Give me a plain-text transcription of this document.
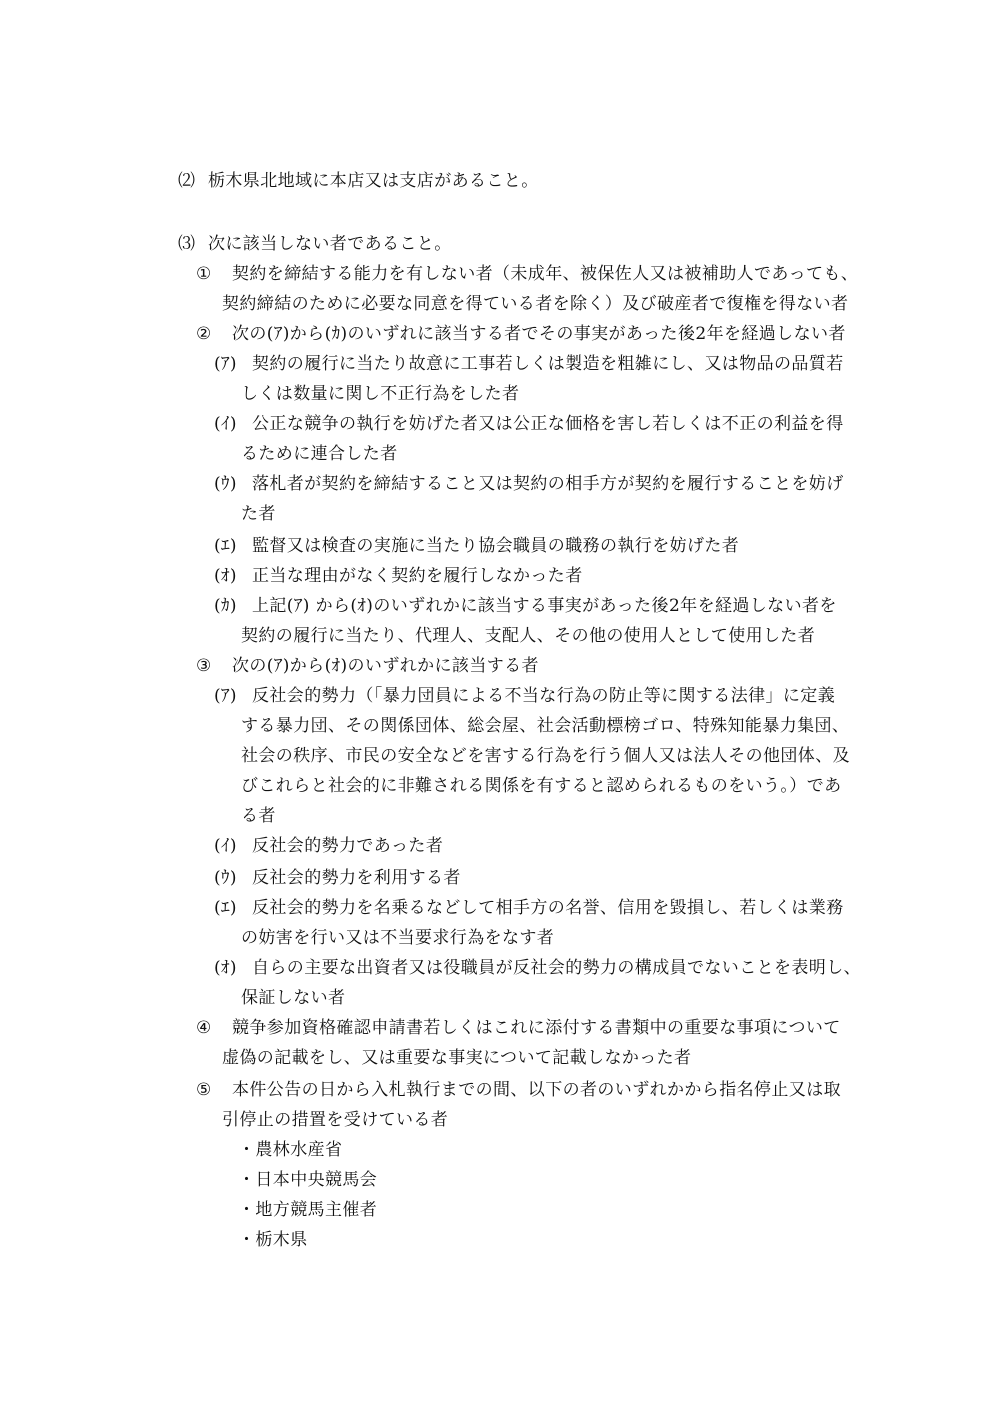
⑵ 栃木県北地域に本店又は支店があること。
⑶ 次に該当しない者であること。
① 契約を締結する能力を有しない者（未成年、被保佐人又は被補助人であっても、
契約締結のために必要な同意を得ている者を除く）及び破産者で復権を得ない者
② 次の(ｱ)から(ｶ)のいずれに該当する者でその事実があった後2年を経過しない者
(ｱ) 契約の履行に当たり故意に工事若しくは製造を粗雑にし、又は物品の品質若
しくは数量に関し不正行為をした者
(ｲ) 公正な競争の執行を妨げた者又は公正な価格を害し若しくは不正の利益を得
るために連合した者
(ｳ) 落札者が契約を締結すること又は契約の相手方が契約を履行することを妨げ
た者
(ｴ) 監督又は検査の実施に当たり協会職員の職務の執行を妨げた者
(ｵ) 正当な理由がなく契約を履行しなかった者
(ｶ) 上記(ｱ) から(ｵ)のいずれかに該当する事実があった後2年を経過しない者を
契約の履行に当たり、代理人、支配人、その他の使用人として使用した者
③ 次の(ｱ)から(ｵ)のいずれかに該当する者
(ｱ) 反社会的勢力（「暴力団員による不当な行為の防止等に関する法律」に定義
する暴力団、その関係団体、総会屋、社会活動標榜ゴロ、特殊知能暴力集団、
社会の秩序、市民の安全などを害する行為を行う個人又は法人その他団体、及
びこれらと社会的に非難される関係を有すると認められるものをいう。）であ
る者
(ｲ) 反社会的勢力であった者
(ｳ) 反社会的勢力を利用する者
(ｴ) 反社会的勢力を名乗るなどして相手方の名誉、信用を毀損し、若しくは業務
の妨害を行い又は不当要求行為をなす者
(ｵ) 自らの主要な出資者又は役職員が反社会的勢力の構成員でないことを表明し、
保証しない者
④ 競争参加資格確認申請書若しくはこれに添付する書類中の重要な事項について
虚偽の記載をし、又は重要な事実について記載しなかった者
⑤ 本件公告の日から入札執行までの間、以下の者のいずれかから指名停止又は取
引停止の措置を受けている者
・農林水産省
・日本中央競馬会
・地方競馬主催者
・栃木県
